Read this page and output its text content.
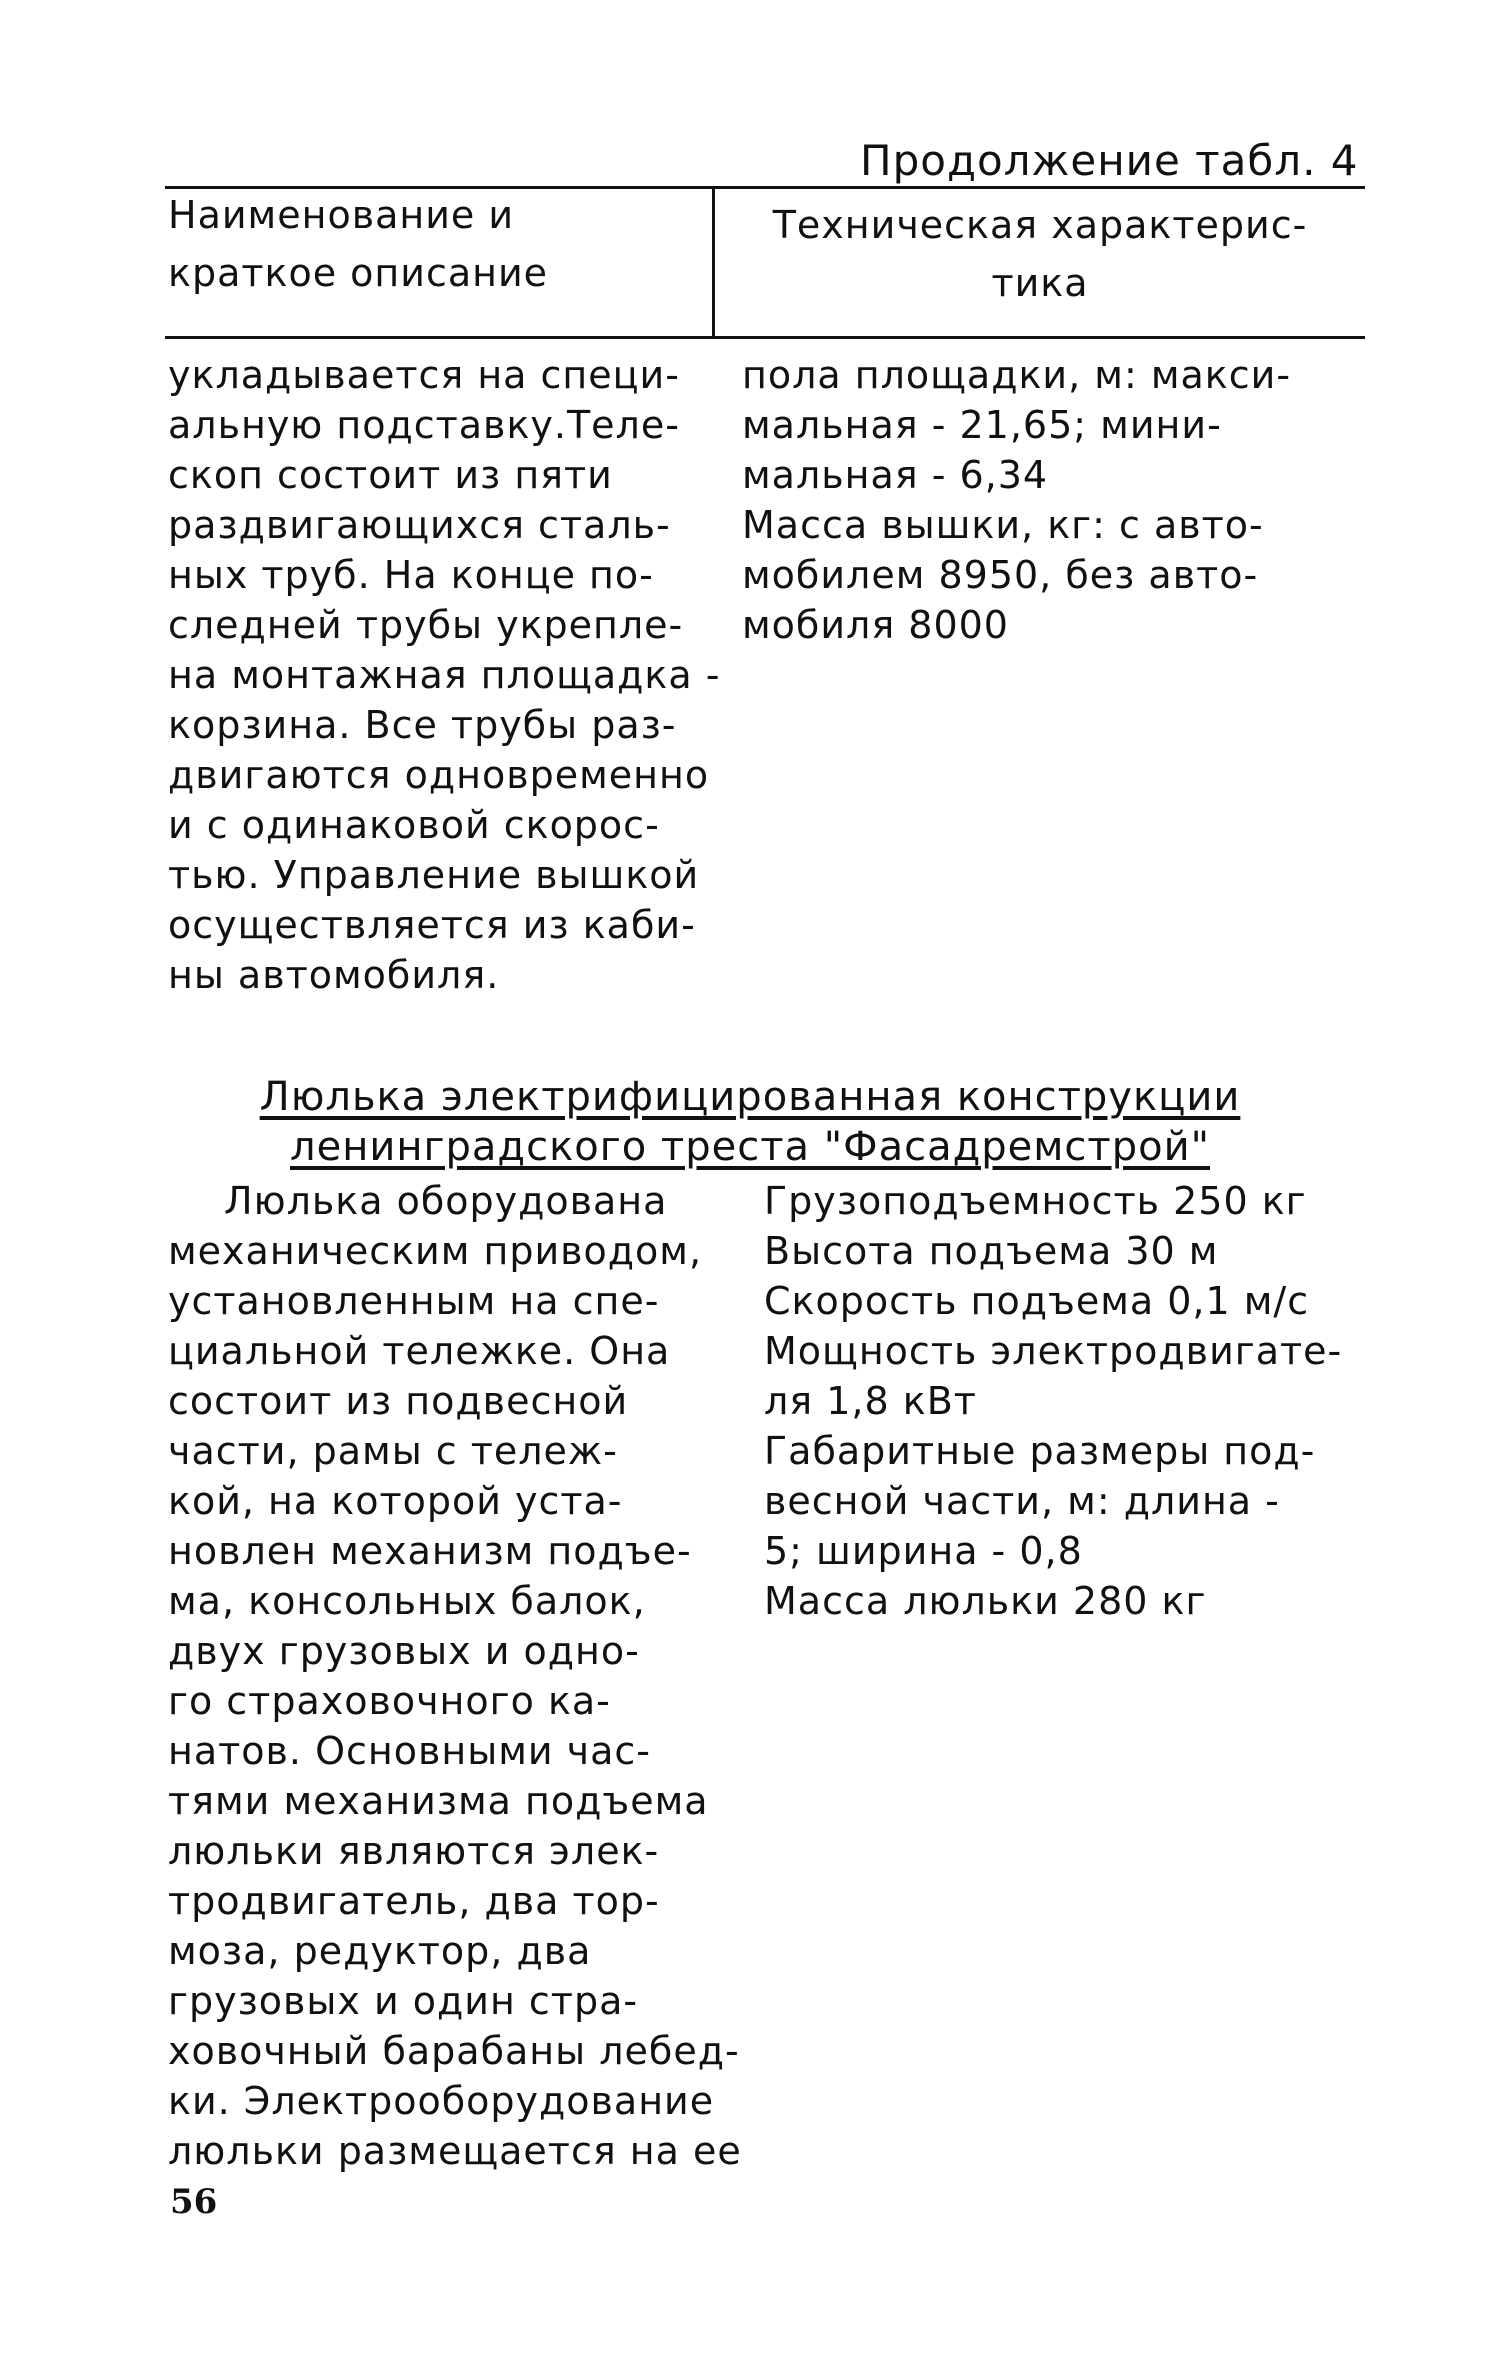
Продолжение табл. 4
Наименование и
краткое описание
Техническая характерис-
тика
укладывается на специ-
альную подставку.Теле-
скоп состоит из пяти
раздвигающихся сталь-
ных труб. На конце по-
следней трубы укрепле-
на монтажная площадка -
корзина. Все трубы раз-
двигаются одновременно
и с одинаковой скорос-
тью. Управление вышкой
осуществляется из каби-
ны автомобиля.
пола площадки, м: макси-
мальная - 21,65; мини-
мальная - 6,34
Масса вышки, кг: с авто-
мобилем 8950, без авто-
мобиля 8000
Люлька электрифицированная конструкции
ленинградского треста "Фасадремстрой"
Люлька оборудована
механическим приводом,
установленным на спе-
циальной тележке. Она
состоит из подвесной
части, рамы с тележ-
кой, на которой уста-
новлен механизм подъе-
ма, консольных балок,
двух грузовых и одно-
го страховочного ка-
натов. Основными час-
тями механизма подъема
люльки являются элек-
тродвигатель, два тор-
моза, редуктор, два
грузовых и один стра-
ховочный барабаны лебед-
ки. Электрооборудование
люльки размещается на ее
Грузоподъемность 250 кг
Высота подъема 30 м
Скорость подъема 0,1 м/с
Мощность электродвигате-
ля 1,8 кВт
Габаритные размеры под-
весной части, м: длина -
5; ширина - 0,8
Масса люльки 280 кг
56
